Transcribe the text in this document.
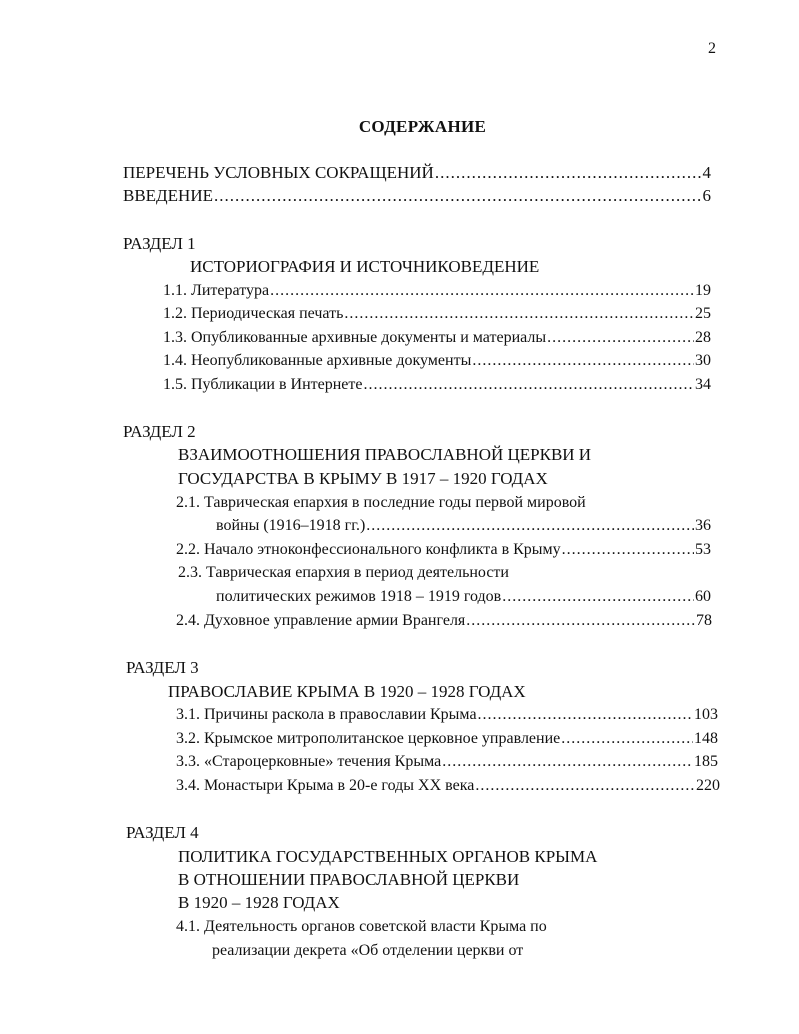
2
СОДЕРЖАНИЕ
ПЕРЕЧЕНЬ УСЛОВНЫХ СОКРАЩЕНИЙ .....	4
ВВЕДЕНИЕ .....	6
РАЗДЕЛ 1
ИСТОРИОГРАФИЯ И ИСТОЧНИКОВЕДЕНИЕ
1.1. Литература .....	19
1.2. Периодическая печать .....	25
1.3. Опубликованные архивные документы и материалы .....	28
1.4. Неопубликованные архивные документы .....	30
1.5. Публикации в Интернете .....	34
РАЗДЕЛ 2
ВЗАИМООТНОШЕНИЯ ПРАВОСЛАВНОЙ ЦЕРКВИ И
ГОСУДАРСТВА В КРЫМУ В 1917 – 1920 ГОДАХ
2.1. Таврическая епархия в последние годы первой мировой
войны (1916–1918 гг.) .....	36
2.2. Начало этноконфессионального конфликта в Крыму .....	53
2.3. Таврическая епархия в период деятельности
политических режимов 1918 – 1919 годов .....	60
2.4. Духовное управление армии Врангеля .....	78
РАЗДЕЛ 3
ПРАВОСЛАВИЕ КРЫМА В 1920 – 1928 ГОДАХ
3.1. Причины раскола в православии Крыма .....	103
3.2. Крымское митрополитанское церковное управление .....	148
3.3. «Староцерковные» течения Крыма .....	185
3.4. Монастыри Крыма в 20-е годы XX века .....	220
РАЗДЕЛ 4
ПОЛИТИКА ГОСУДАРСТВЕННЫХ ОРГАНОВ КРЫМА
В ОТНОШЕНИИ ПРАВОСЛАВНОЙ ЦЕРКВИ
В 1920 – 1928 ГОДАХ
4.1. Деятельность органов советской власти Крыма по
реализации декрета «Об отделении церкви от
